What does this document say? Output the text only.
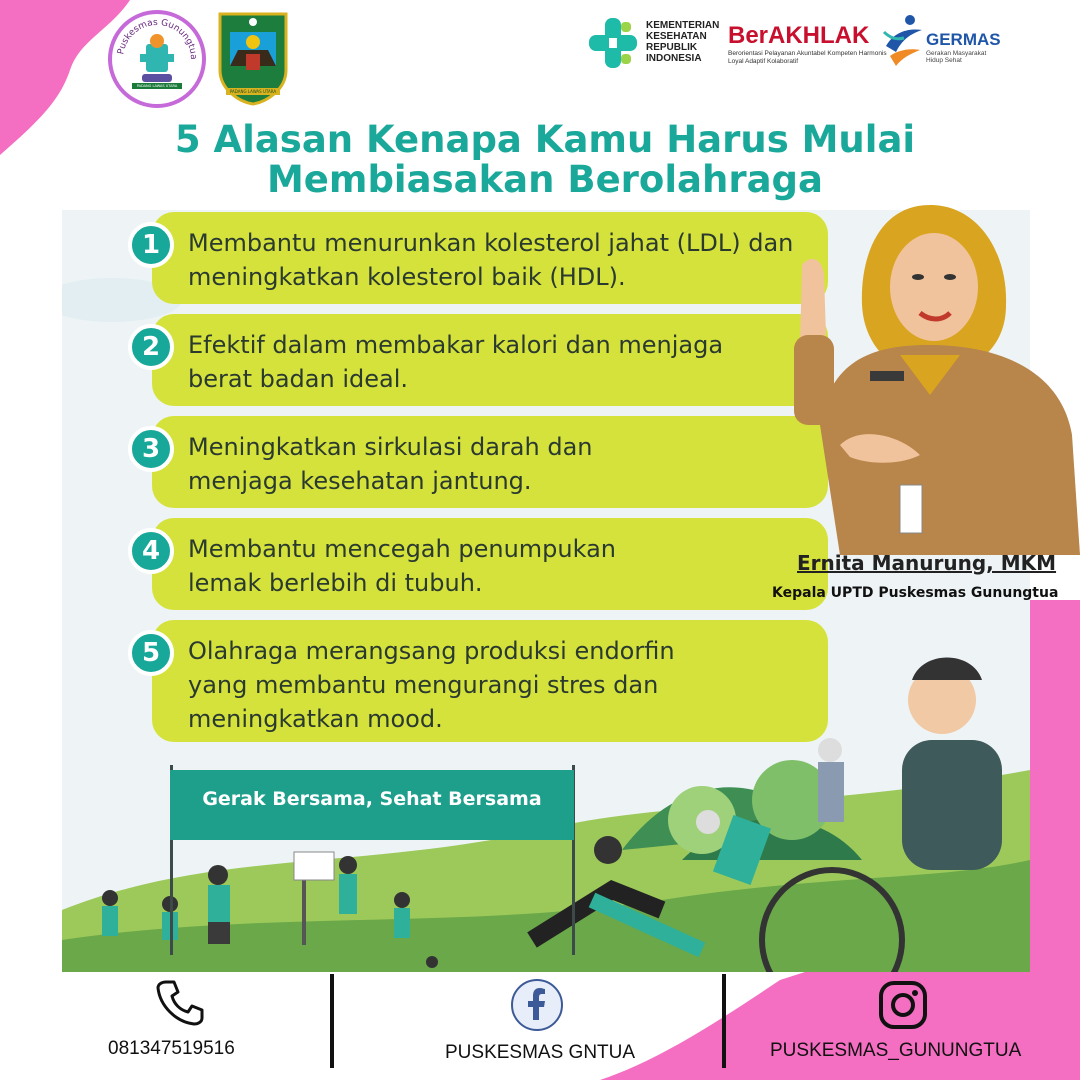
Puskesmas Gunungtua
PADANG LAWAS UTARA
PADANG LAWAS UTARA
KEMENTERIAN
KESEHATAN
REPUBLIK
INDONESIA
BerAKHLAK
Berorientasi Pelayanan Akuntabel Kompeten Harmonis Loyal Adaptif Kolaboratif
GERMAS
Gerakan Masyarakat Hidup Sehat
5 Alasan Kenapa Kamu Harus Mulai
Membiasakan Berolahraga
1	Membantu menurunkan kolesterol jahat (LDL) dan meningkatkan kolesterol baik (HDL).
2	Efektif dalam membakar kalori dan menjaga berat badan ideal.
3	Meningkatkan sirkulasi darah dan menjaga kesehatan jantung.
4	Membantu mencegah penumpukan lemak berlebih di tubuh.
5	Olahraga merangsang produksi endorfin yang membantu mengurangi stres dan meningkatkan mood.
Gerak Bersama, Sehat Bersama
Ernita Manurung, MKM
Kepala UPTD Puskesmas Gunungtua
081347519516	PUSKESMAS GNTUA	PUSKESMAS_GUNUNGTUA
